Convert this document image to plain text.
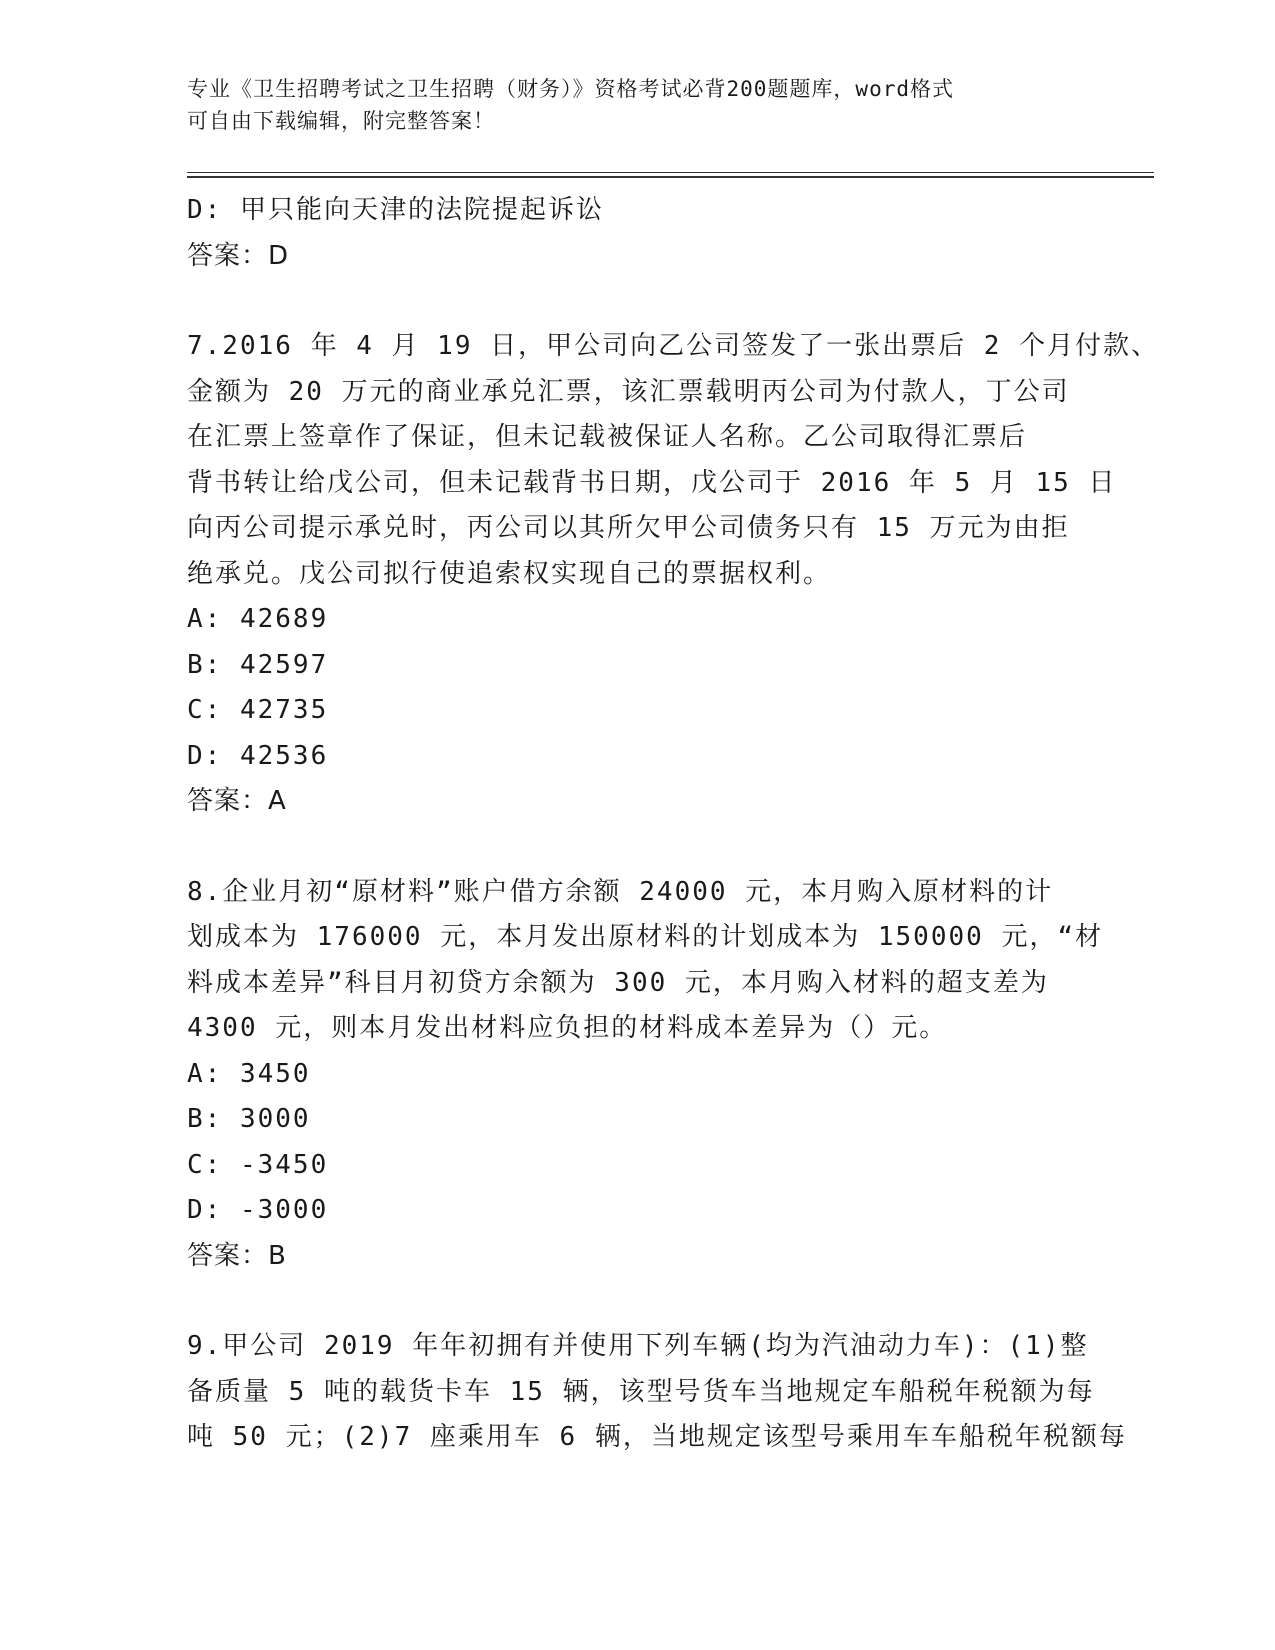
专业《卫生招聘考试之卫生招聘（财务）》资格考试必背200题题库，word格式
可自由下载编辑，附完整答案！
D: 甲只能向天津的法院提起诉讼
答案：D
7.2016 年 4 月 19 日，甲公司向乙公司签发了一张出票后 2 个月付款、
金额为 20 万元的商业承兑汇票，该汇票载明丙公司为付款人，丁公司
在汇票上签章作了保证，但未记载被保证人名称。乙公司取得汇票后
背书转让给戊公司，但未记载背书日期，戊公司于 2016 年 5 月 15 日
向丙公司提示承兑时，丙公司以其所欠甲公司债务只有 15 万元为由拒
绝承兑。戊公司拟行使追索权实现自己的票据权利。
A: 42689
B: 42597
C: 42735
D: 42536
答案：A
8.企业月初“原材料”账户借方余额 24000 元，本月购入原材料的计
划成本为 176000 元，本月发出原材料的计划成本为 150000 元，“材
料成本差异”科目月初贷方余额为 300 元，本月购入材料的超支差为
4300 元，则本月发出材料应负担的材料成本差异为（）元。
A: 3450
B: 3000
C: -3450
D: -3000
答案：B
9.甲公司 2019 年年初拥有并使用下列车辆(均为汽油动力车)：(1)整
备质量 5 吨的载货卡车 15 辆，该型号货车当地规定车船税年税额为每
吨 50 元；(2)7 座乘用车 6 辆，当地规定该型号乘用车车船税年税额每
